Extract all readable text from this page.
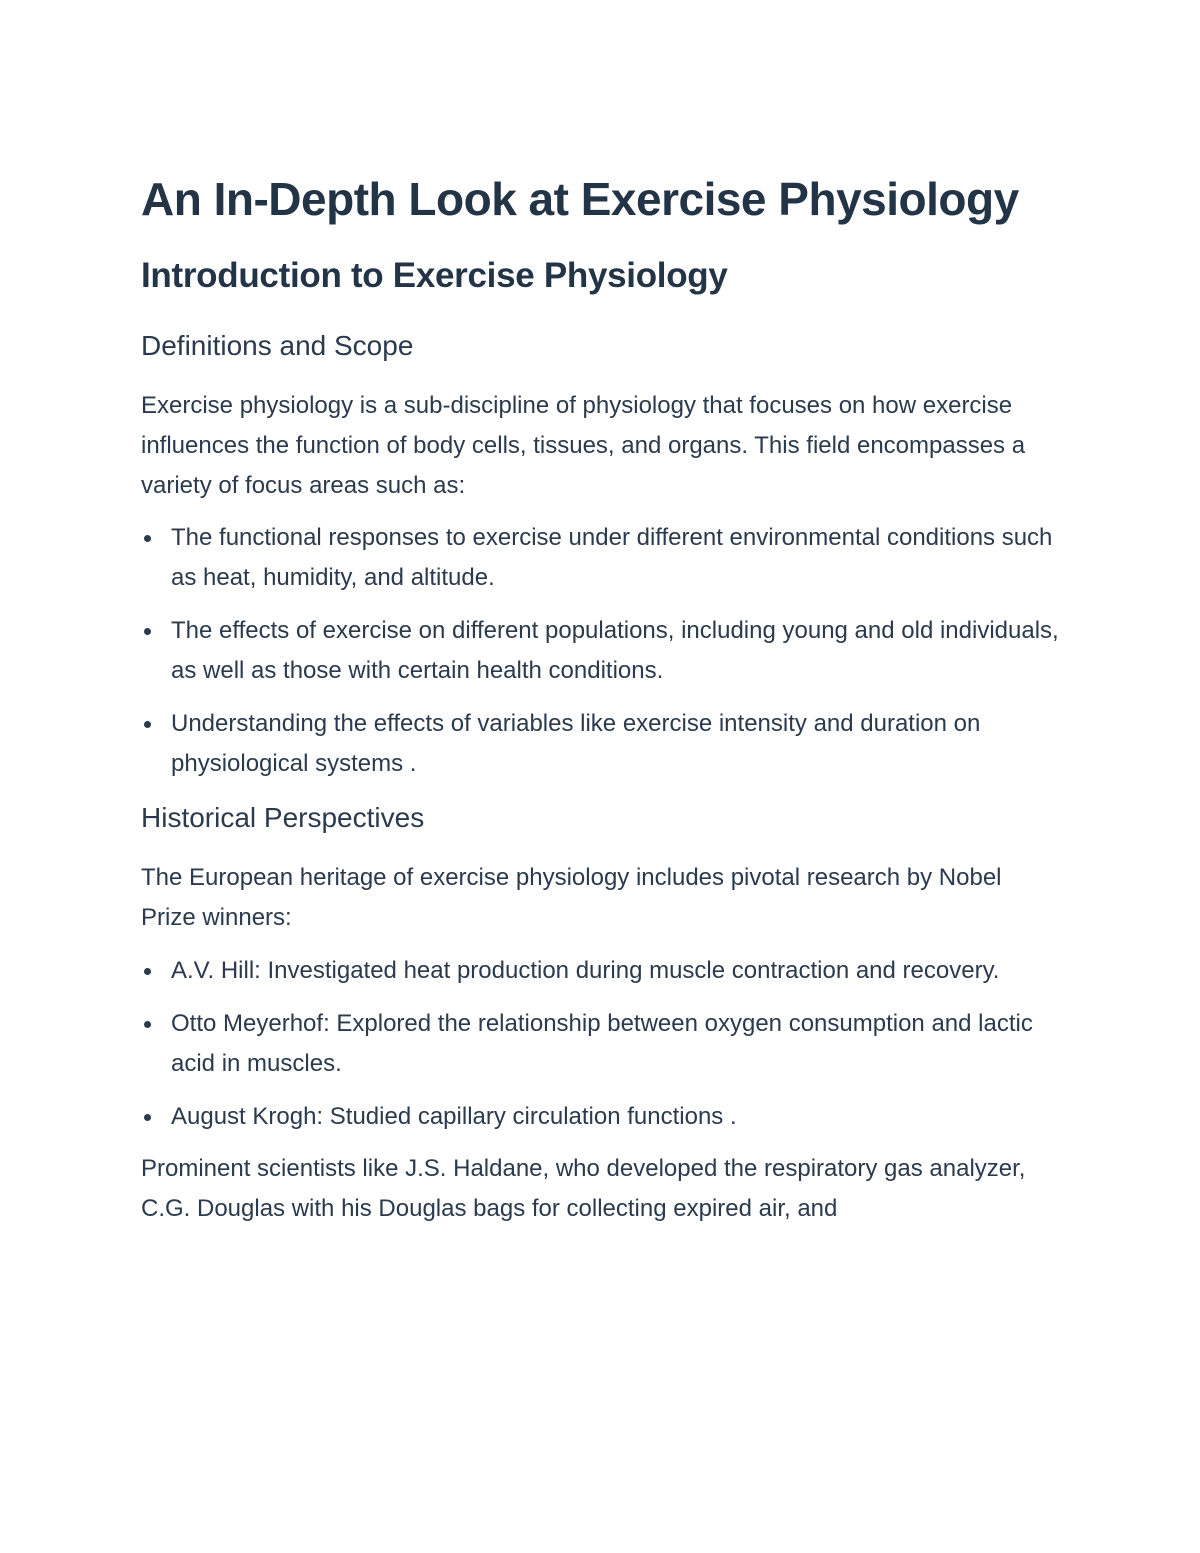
An In-Depth Look at Exercise Physiology
Introduction to Exercise Physiology
Definitions and Scope

Exercise physiology is a sub-discipline of physiology that focuses on how exercise influences the function of body cells, tissues, and organs. This field encompasses a variety of focus areas such as:

The functional responses to exercise under different environmental conditions such as heat, humidity, and altitude.
The effects of exercise on different populations, including young and old individuals, as well as those with certain health conditions.
Understanding the effects of variables like exercise intensity and duration on physiological systems .
Historical Perspectives

The European heritage of exercise physiology includes pivotal research by Nobel Prize winners:

A.V. Hill: Investigated heat production during muscle contraction and recovery.
Otto Meyerhof: Explored the relationship between oxygen consumption and lactic acid in muscles.
August Krogh: Studied capillary circulation functions .

Prominent scientists like J.S. Haldane, who developed the respiratory gas analyzer, C.G. Douglas with his Douglas bags for collecting expired air, and
